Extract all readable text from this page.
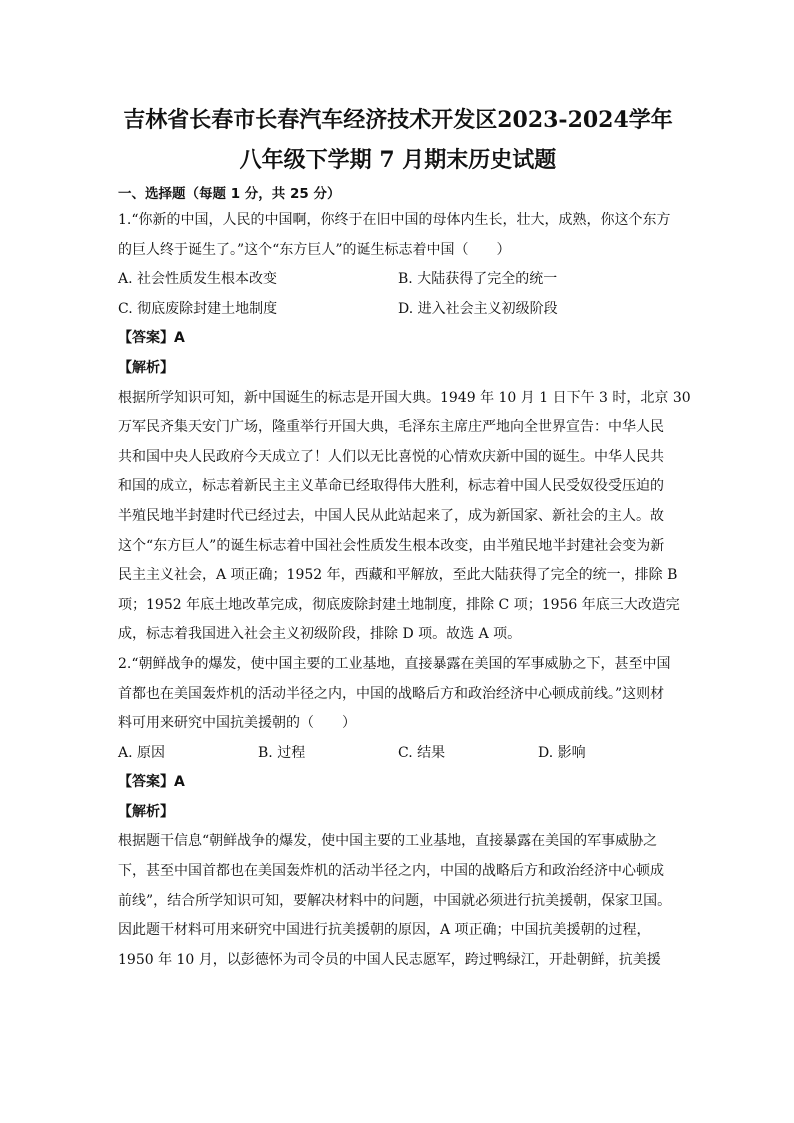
吉林省长春市长春汽车经济技术开发区2023-2024学年
八年级下学期 7 月期末历史试题
一、选择题（每题 1 分，共 25 分）

1.“你新的中国，人民的中国啊，你终于在旧中国的母体内生长，壮大，成熟，你这个东方

的巨人终于诞生了。”这个“东方巨人”的诞生标志着中国（　　）

A. 社会性质发生根本改变	B. 大陆获得了完全的统一
C. 彻底废除封建土地制度	D. 进入社会主义初级阶段
【答案】A
【解析】

根据所学知识可知，新中国诞生的标志是开国大典。1949 年 10 月 1 日下午 3 时，北京 30

万军民齐集天安门广场，隆重举行开国大典，毛泽东主席庄严地向全世界宣告：中华人民

共和国中央人民政府今天成立了！人们以无比喜悦的心情欢庆新中国的诞生。中华人民共

和国的成立，标志着新民主主义革命已经取得伟大胜利，标志着中国人民受奴役受压迫的

半殖民地半封建时代已经过去，中国人民从此站起来了，成为新国家、新社会的主人。故

这个“东方巨人”的诞生标志着中国社会性质发生根本改变，由半殖民地半封建社会变为新

民主主义社会，A 项正确；1952 年，西藏和平解放，至此大陆获得了完全的统一，排除 B

项；1952 年底土地改革完成，彻底废除封建土地制度，排除 C 项；1956 年底三大改造完

成，标志着我国进入社会主义初级阶段，排除 D 项。故选 A 项。

2.“朝鲜战争的爆发，使中国主要的工业基地，直接暴露在美国的军事威胁之下，甚至中国

首都也在美国轰炸机的活动半径之内，中国的战略后方和政治经济中心顿成前线。”这则材

料可用来研究中国抗美援朝的（　　）

A. 原因	B. 过程	C. 结果	D. 影响
【答案】A
【解析】

根据题干信息“朝鲜战争的爆发，使中国主要的工业基地，直接暴露在美国的军事威胁之

下，甚至中国首都也在美国轰炸机的活动半径之内，中国的战略后方和政治经济中心顿成

前线”，结合所学知识可知，要解决材料中的问题，中国就必须进行抗美援朝，保家卫国。

因此题干材料可用来研究中国进行抗美援朝的原因，A 项正确；中国抗美援朝的过程，

1950 年 10 月，以彭德怀为司令员的中国人民志愿军，跨过鸭绿江，开赴朝鲜，抗美援
